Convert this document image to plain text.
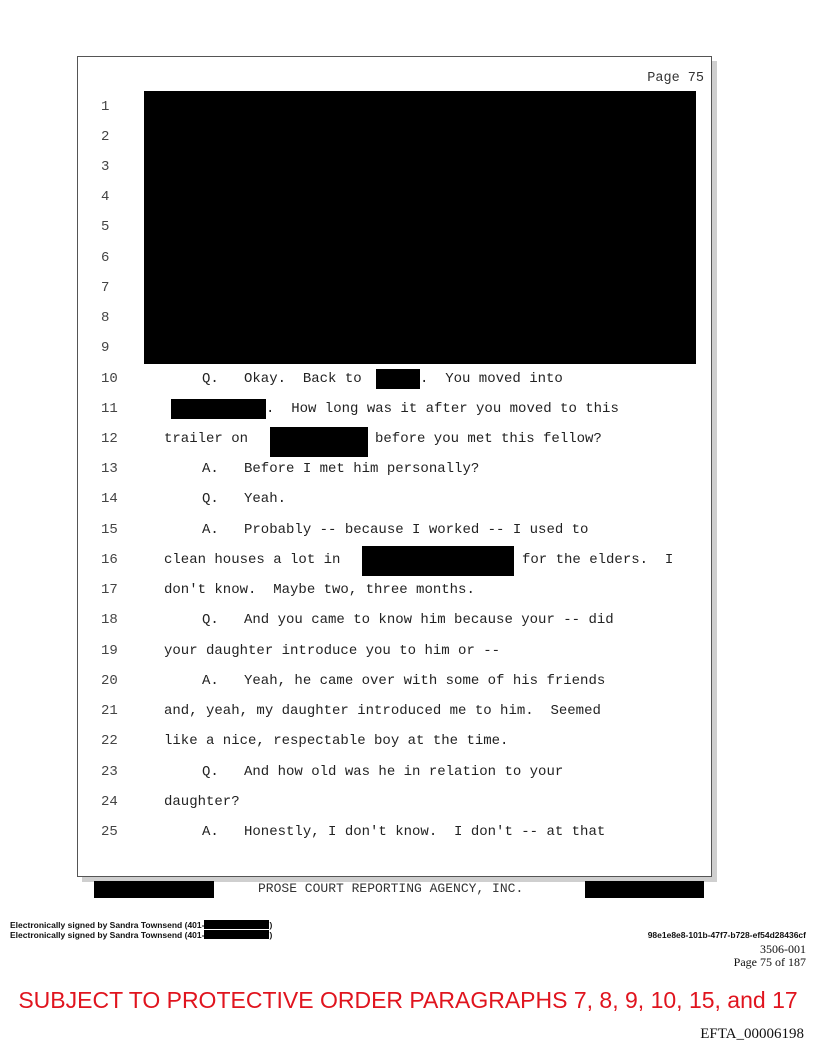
Page 75
1
2
3
4
5
6
7
8
9
10
11
12
13
14
15
16
17
18
19
20
21
22
23
24
25
Q.   Okay.  Back to	.  You moved into
.  How long was it after you moved to this
trailer on	before you met this fellow?
A.   Before I met him personally?
Q.   Yeah.
A.   Probably -- because I worked -- I used to
clean houses a lot in	for the elders.  I
don't know.  Maybe two, three months.
Q.   And you came to know him because your -- did
your daughter introduce you to him or --
A.   Yeah, he came over with some of his friends
and, yeah, my daughter introduced me to him.  Seemed
like a nice, respectable boy at the time.
Q.   And how old was he in relation to your
daughter?
A.   Honestly, I don't know.  I don't -- at that
PROSE COURT REPORTING AGENCY, INC.
Electronically signed by Sandra Townsend (401-	)
Electronically signed by Sandra Townsend (401-	)	98e1e8e8-101b-47f7-b728-ef54d28436cf
3506-001
Page 75 of 187
SUBJECT TO PROTECTIVE ORDER PARAGRAPHS 7, 8, 9, 10, 15, and 17
EFTA_00006198
